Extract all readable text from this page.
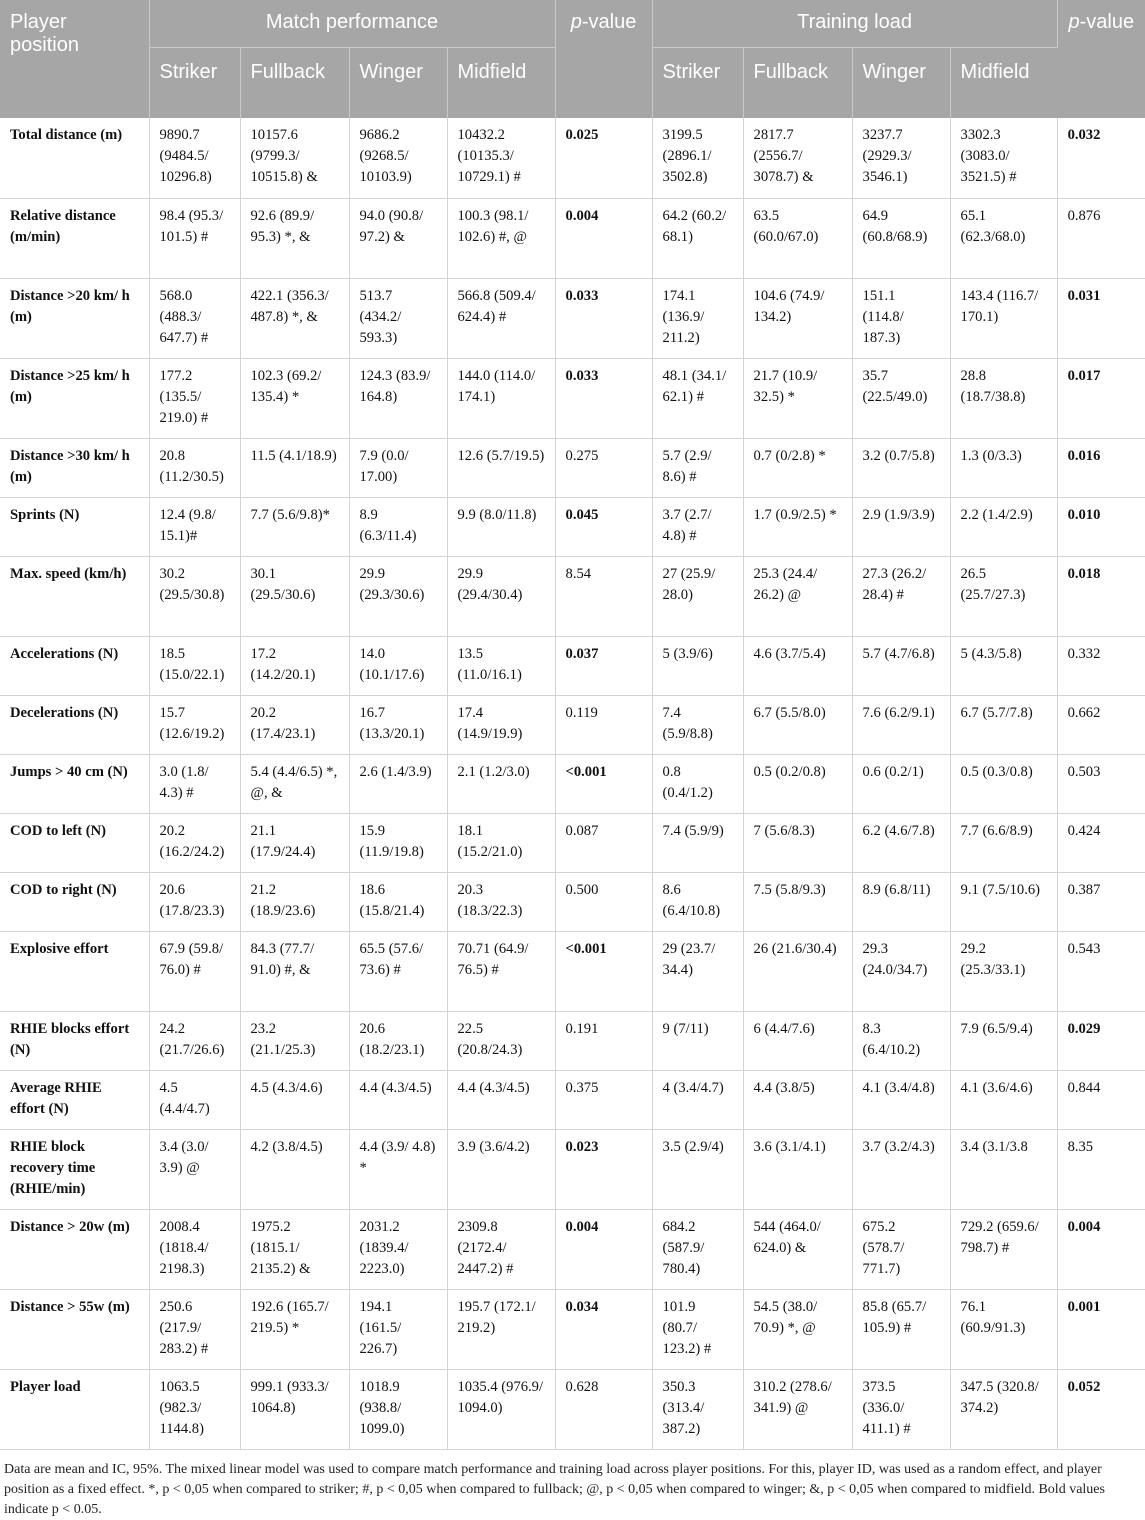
Player position	Match performance				p-value	Training load				p-value
	Striker	Fullback	Winger	Midfield		Striker	Fullback	Winger	Midfield	
Total distance (m)	9890.7 (9484.5/ 10296.8)	10157.6 (9799.3/ 10515.8) &	9686.2 (9268.5/ 10103.9)	10432.2 (10135.3/ 10729.1) #	0.025	3199.5 (2896.1/ 3502.8)	2817.7 (2556.7/ 3078.7) &	3237.7 (2929.3/ 3546.1)	3302.3 (3083.0/ 3521.5) #	0.032
Relative distance (m/min)	98.4 (95.3/ 101.5) #	92.6 (89.9/ 95.3) *, &	94.0 (90.8/ 97.2) &	100.3 (98.1/ 102.6) #, @	0.004	64.2 (60.2/ 68.1)	63.5 (60.0/67.0)	64.9 (60.8/68.9)	65.1 (62.3/68.0)	0.876
Distance >20 km/ h (m)	568.0 (488.3/ 647.7) #	422.1 (356.3/ 487.8) *, &	513.7 (434.2/ 593.3)	566.8 (509.4/ 624.4) #	0.033	174.1 (136.9/ 211.2)	104.6 (74.9/ 134.2)	151.1 (114.8/ 187.3)	143.4 (116.7/ 170.1)	0.031
Distance >25 km/ h (m)	177.2 (135.5/ 219.0) #	102.3 (69.2/ 135.4) *	124.3 (83.9/ 164.8)	144.0 (114.0/ 174.1)	0.033	48.1 (34.1/ 62.1) #	21.7 (10.9/ 32.5) *	35.7 (22.5/49.0)	28.8 (18.7/38.8)	0.017
Distance >30 km/ h (m)	20.8 (11.2/30.5)	11.5 (4.1/18.9)	7.9 (0.0/ 17.00)	12.6 (5.7/19.5)	0.275	5.7 (2.9/ 8.6) #	0.7 (0/2.8) *	3.2 (0.7/5.8)	1.3 (0/3.3)	0.016
Sprints (N)	12.4 (9.8/ 15.1)#	7.7 (5.6/9.8)*	8.9 (6.3/11.4)	9.9 (8.0/11.8)	0.045	3.7 (2.7/ 4.8) #	1.7 (0.9/2.5) *	2.9 (1.9/3.9)	2.2 (1.4/2.9)	0.010
Max. speed (km/h)	30.2 (29.5/30.8)	30.1 (29.5/30.6)	29.9 (29.3/30.6)	29.9 (29.4/30.4)	8.54	27 (25.9/ 28.0)	25.3 (24.4/ 26.2) @	27.3 (26.2/ 28.4) #	26.5 (25.7/27.3)	0.018
Accelerations (N)	18.5 (15.0/22.1)	17.2 (14.2/20.1)	14.0 (10.1/17.6)	13.5 (11.0/16.1)	0.037	5 (3.9/6)	4.6 (3.7/5.4)	5.7 (4.7/6.8)	5 (4.3/5.8)	0.332
Decelerations (N)	15.7 (12.6/19.2)	20.2 (17.4/23.1)	16.7 (13.3/20.1)	17.4 (14.9/19.9)	0.119	7.4 (5.9/8.8)	6.7 (5.5/8.0)	7.6 (6.2/9.1)	6.7 (5.7/7.8)	0.662
Jumps > 40 cm (N)	3.0 (1.8/ 4.3) #	5.4 (4.4/6.5) *, @, &	2.6 (1.4/3.9)	2.1 (1.2/3.0)	<0.001	0.8 (0.4/1.2)	0.5 (0.2/0.8)	0.6 (0.2/1)	0.5 (0.3/0.8)	0.503
COD to left (N)	20.2 (16.2/24.2)	21.1 (17.9/24.4)	15.9 (11.9/19.8)	18.1 (15.2/21.0)	0.087	7.4 (5.9/9)	7 (5.6/8.3)	6.2 (4.6/7.8)	7.7 (6.6/8.9)	0.424
COD to right (N)	20.6 (17.8/23.3)	21.2 (18.9/23.6)	18.6 (15.8/21.4)	20.3 (18.3/22.3)	0.500	8.6 (6.4/10.8)	7.5 (5.8/9.3)	8.9 (6.8/11)	9.1 (7.5/10.6)	0.387
Explosive effort	67.9 (59.8/ 76.0) #	84.3 (77.7/ 91.0) #, &	65.5 (57.6/ 73.6) #	70.71 (64.9/ 76.5) #	<0.001	29 (23.7/ 34.4)	26 (21.6/30.4)	29.3 (24.0/34.7)	29.2 (25.3/33.1)	0.543
RHIE blocks effort (N)	24.2 (21.7/26.6)	23.2 (21.1/25.3)	20.6 (18.2/23.1)	22.5 (20.8/24.3)	0.191	9 (7/11)	6 (4.4/7.6)	8.3 (6.4/10.2)	7.9 (6.5/9.4)	0.029
Average RHIE effort (N)	4.5 (4.4/4.7)	4.5 (4.3/4.6)	4.4 (4.3/4.5)	4.4 (4.3/4.5)	0.375	4 (3.4/4.7)	4.4 (3.8/5)	4.1 (3.4/4.8)	4.1 (3.6/4.6)	0.844
RHIE block recovery time (RHIE/min)	3.4 (3.0/ 3.9) @	4.2 (3.8/4.5)	4.4 (3.9/ 4.8) *	3.9 (3.6/4.2)	0.023	3.5 (2.9/4)	3.6 (3.1/4.1)	3.7 (3.2/4.3)	3.4 (3.1/3.8	8.35
Distance > 20w (m)	2008.4 (1818.4/ 2198.3)	1975.2 (1815.1/ 2135.2) &	2031.2 (1839.4/ 2223.0)	2309.8 (2172.4/ 2447.2) #	0.004	684.2 (587.9/ 780.4)	544 (464.0/ 624.0) &	675.2 (578.7/ 771.7)	729.2 (659.6/ 798.7) #	0.004
Distance > 55w (m)	250.6 (217.9/ 283.2) #	192.6 (165.7/ 219.5) *	194.1 (161.5/ 226.7)	195.7 (172.1/ 219.2)	0.034	101.9 (80.7/ 123.2) #	54.5 (38.0/ 70.9) *, @	85.8 (65.7/ 105.9) #	76.1 (60.9/91.3)	0.001
Player load	1063.5 (982.3/ 1144.8)	999.1 (933.3/ 1064.8)	1018.9 (938.8/ 1099.0)	1035.4 (976.9/ 1094.0)	0.628	350.3 (313.4/ 387.2)	310.2 (278.6/ 341.9) @	373.5 (336.0/ 411.1) #	347.5 (320.8/ 374.2)	0.052
Data are mean and IC, 95%. The mixed linear model was used to compare match performance and training load across player positions. For this, player ID, was used as a random effect, and player position as a fixed effect. *, p < 0,05 when compared to striker; #, p < 0,05 when compared to fullback; @, p < 0,05 when compared to winger; &, p < 0,05 when compared to midfield. Bold values indicate p < 0.05.
